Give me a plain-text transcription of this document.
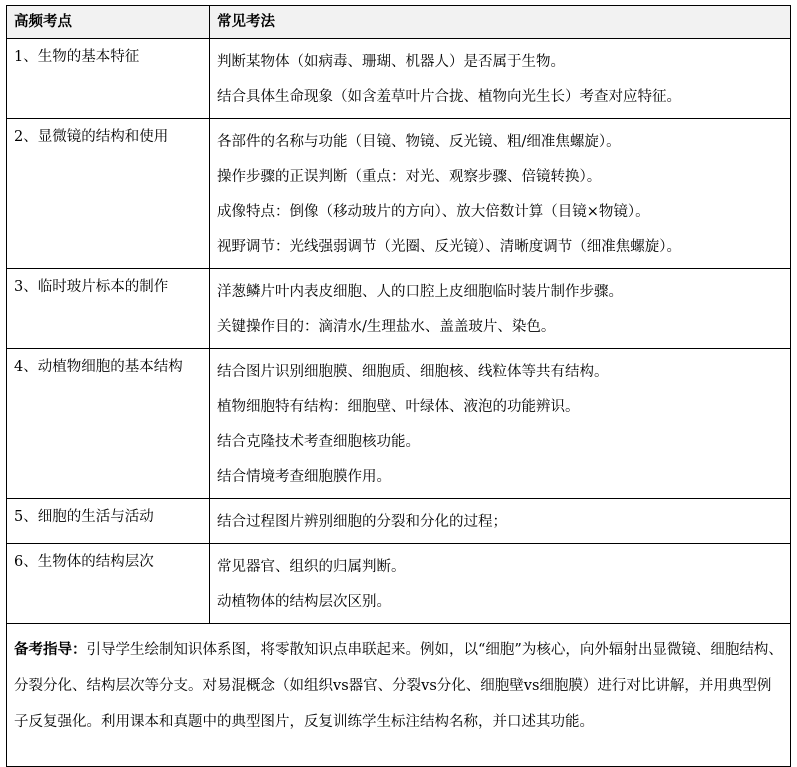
高频考点	常见考法
1、生物的基本特征	判断某物体（如病毒、珊瑚、机器人）是否属于生物。
结合具体生命现象（如含羞草叶片合拢、植物向光生长）考查对应特征。

2、显微镜的结构和使用	各部件的名称与功能（目镜、物镜、反光镜、粗/细准焦螺旋）。
操作步骤的正误判断（重点：对光、观察步骤、倍镜转换）。
成像特点：倒像（移动玻片的方向）、放大倍数计算（目镜×物镜）。
视野调节：光线强弱调节（光圈、反光镜）、清晰度调节（细准焦螺旋）。

3、临时玻片标本的制作	洋葱鳞片叶内表皮细胞、人的口腔上皮细胞临时装片制作步骤。
关键操作目的：滴清水/生理盐水、盖盖玻片、染色。

4、动植物细胞的基本结构	结合图片识别细胞膜、细胞质、细胞核、线粒体等共有结构。
植物细胞特有结构：细胞壁、叶绿体、液泡的功能辨识。
结合克隆技术考查细胞核功能。
结合情境考查细胞膜作用。

5、细胞的生活与活动	结合过程图片辨别细胞的分裂和分化的过程；

6、生物体的结构层次	常见器官、组织的归属判断。
动植物体的结构层次区别。

备考指导：引导学生绘制知识体系图，将零散知识点串联起来。例如，以“细胞”为核心，向外辐射出显微镜、细胞结构、分裂分化、结构层次等分支。对易混概念（如组织vs器官、分裂vs分化、细胞壁vs细胞膜）进行对比讲解，并用典型例子反复强化。利用课本和真题中的典型图片，反复训练学生标注结构名称，并口述其功能。	
